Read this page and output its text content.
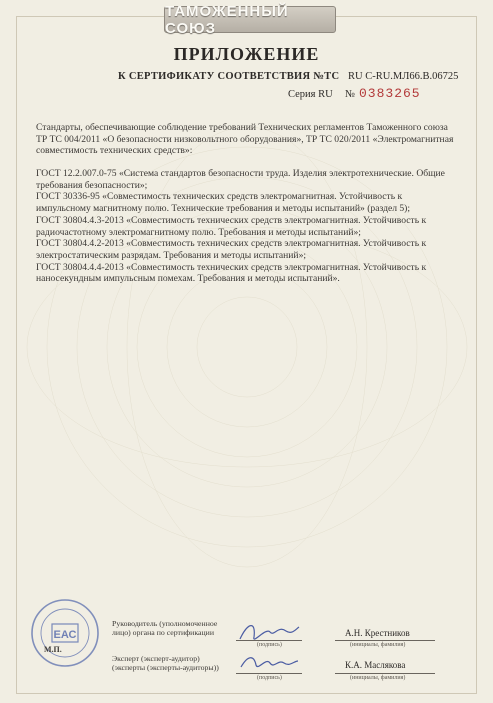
ТАМОЖЕННЫЙ СОЮЗ
ПРИЛОЖЕНИЕ
К СЕРТИФИКАТУ СООТВЕТСТВИЯ №ТС RU C-RU.МЛ66.В.06725
Серия RU № 0383265
Стандарты, обеспечивающие соблюдение требований Технических регламентов Таможенного союза ТР ТС 004/2011 «О безопасности низковольтного оборудования», ТР ТС 020/2011 «Электромагнитная совместимость технических средств»:
ГОСТ 12.2.007.0-75 «Система стандартов безопасности труда. Изделия электротехнические. Общие требования безопасности»;
ГОСТ 30336-95 «Совместимость технических средств электромагнитная. Устойчивость к импульсному магнитному полю. Технические требования и методы испытаний» (раздел 5);
ГОСТ 30804.4.3-2013 «Совместимость технических средств электромагнитная. Устойчивость к радиочастотному электромагнитному полю. Требования и методы испытаний»;
ГОСТ 30804.4.2-2013 «Совместимость технических средств электромагнитная. Устойчивость к электростатическим разрядам. Требования и методы испытаний»;
ГОСТ 30804.4.4-2013 «Совместимость технических средств электромагнитная. Устойчивость к наносекундным импульсным помехам. Требования и методы испытаний».
ЕАС
М.П.
Руководитель (уполномоченное лицо) органа по сертификации
Эксперт (эксперт-аудитор) (эксперты (эксперты-аудиторы))
(подпись)
А.Н. Крестников
(инициалы, фамилия)
(подпись)
К.А. Маслякова
(инициалы, фамилия)
